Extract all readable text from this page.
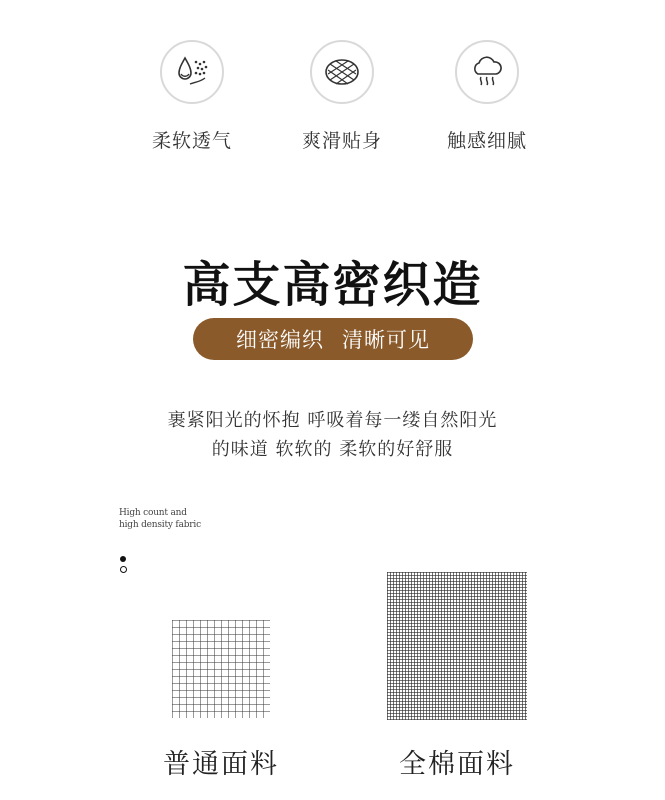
柔软透气	爽滑贴身	触感细腻
高支高密织造
细密编织 清晰可见
裹紧阳光的怀抱 呼吸着每一缕自然阳光
的味道 软软的 柔软的好舒服
High count and
high density fabric
普通面料	全棉面料
